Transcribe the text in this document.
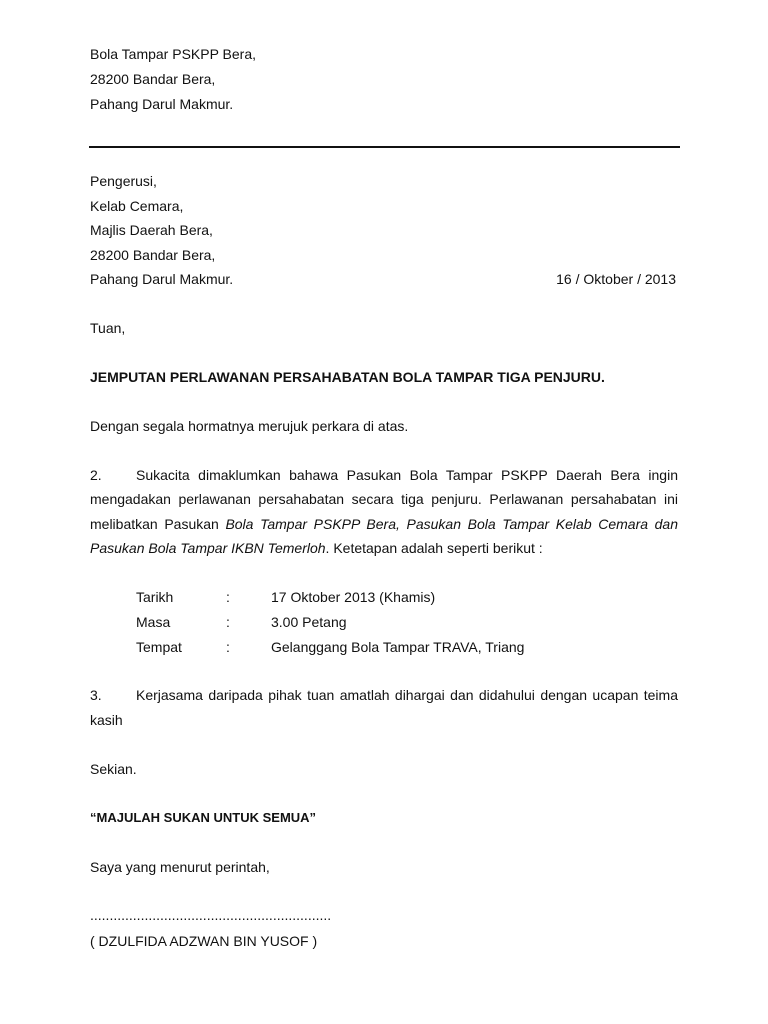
Bola Tampar PSKPP Bera,
28200 Bandar Bera,
Pahang Darul Makmur.
Pengerusi,
Kelab Cemara,
Majlis Daerah Bera,
28200 Bandar Bera,
Pahang Darul Makmur.	16 / Oktober / 2013
Tuan,
JEMPUTAN PERLAWANAN PERSAHABATAN BOLA TAMPAR TIGA PENJURU.
Dengan segala hormatnya merujuk perkara di atas.
2. Sukacita dimaklumkan bahawa Pasukan Bola Tampar PSKPP Daerah Bera ingin
mengadakan perlawanan persahabatan secara tiga penjuru. Perlawanan persahabatan ini
melibatkan Pasukan Bola Tampar PSKPP Bera, Pasukan Bola Tampar Kelab Cemara dan
Pasukan Bola Tampar IKBN Temerloh. Ketetapan adalah seperti berikut :
Tarikh	:	17 Oktober 2013 (Khamis)
Masa	:	3.00 Petang
Tempat	:	Gelanggang Bola Tampar TRAVA, Triang
3. Kerjasama daripada pihak tuan amatlah dihargai dan didahului dengan ucapan teima
kasih
Sekian.
“MAJULAH SUKAN UNTUK SEMUA”
Saya yang menurut perintah,
..............................................................
( DZULFIDA ADZWAN BIN YUSOF )
